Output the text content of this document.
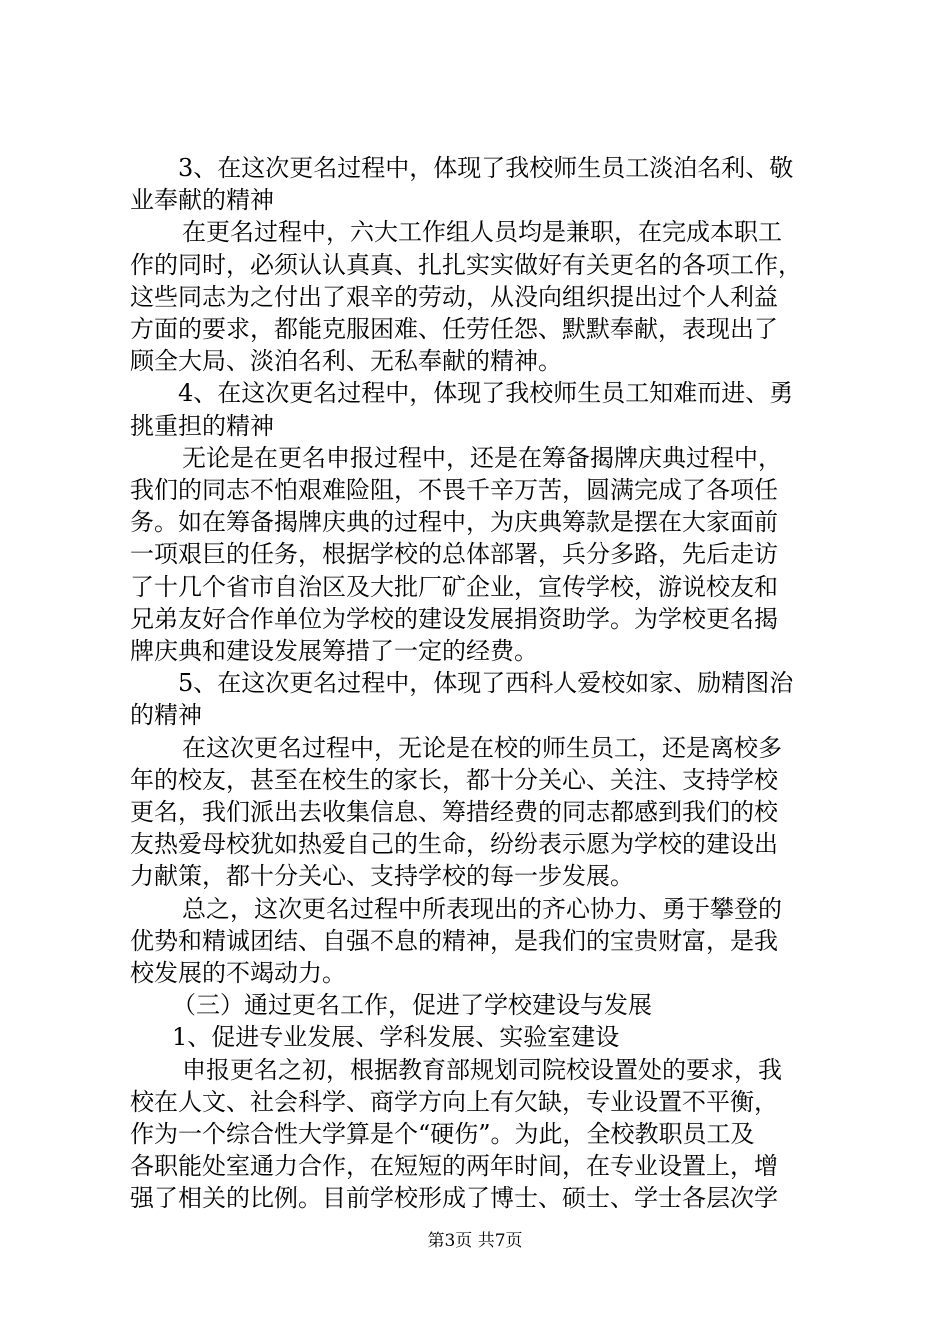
3、在这次更名过程中，体现了我校师生员工淡泊名利、敬
业奉献的精神
在更名过程中，六大工作组人员均是兼职，在完成本职工
作的同时，必须认认真真、扎扎实实做好有关更名的各项工作，
这些同志为之付出了艰辛的劳动，从没向组织提出过个人利益
方面的要求，都能克服困难、任劳任怨、默默奉献，表现出了
顾全大局、淡泊名利、无私奉献的精神。
4、在这次更名过程中，体现了我校师生员工知难而进、勇
挑重担的精神
无论是在更名申报过程中，还是在筹备揭牌庆典过程中，
我们的同志不怕艰难险阻，不畏千辛万苦，圆满完成了各项任
务。如在筹备揭牌庆典的过程中，为庆典筹款是摆在大家面前
一项艰巨的任务，根据学校的总体部署，兵分多路，先后走访
了十几个省市自治区及大批厂矿企业，宣传学校，游说校友和
兄弟友好合作单位为学校的建设发展捐资助学。为学校更名揭
牌庆典和建设发展筹措了一定的经费。
5、在这次更名过程中，体现了西科人爱校如家、励精图治
的精神
在这次更名过程中，无论是在校的师生员工，还是离校多
年的校友，甚至在校生的家长，都十分关心、关注、支持学校
更名，我们派出去收集信息、筹措经费的同志都感到我们的校
友热爱母校犹如热爱自己的生命，纷纷表示愿为学校的建设出
力献策，都十分关心、支持学校的每一步发展。
总之，这次更名过程中所表现出的齐心协力、勇于攀登的
优势和精诚团结、自强不息的精神，是我们的宝贵财富，是我
校发展的不竭动力。
（三）通过更名工作，促进了学校建设与发展
1、促进专业发展、学科发展、实验室建设
申报更名之初，根据教育部规划司院校设置处的要求，我
校在人文、社会科学、商学方向上有欠缺，专业设置不平衡，
作为一个综合性大学算是个“硬伤”。为此，全校教职员工及
各职能处室通力合作，在短短的两年时间，在专业设置上，增
强了相关的比例。目前学校形成了博士、硕士、学士各层次学
第3页 共7页
